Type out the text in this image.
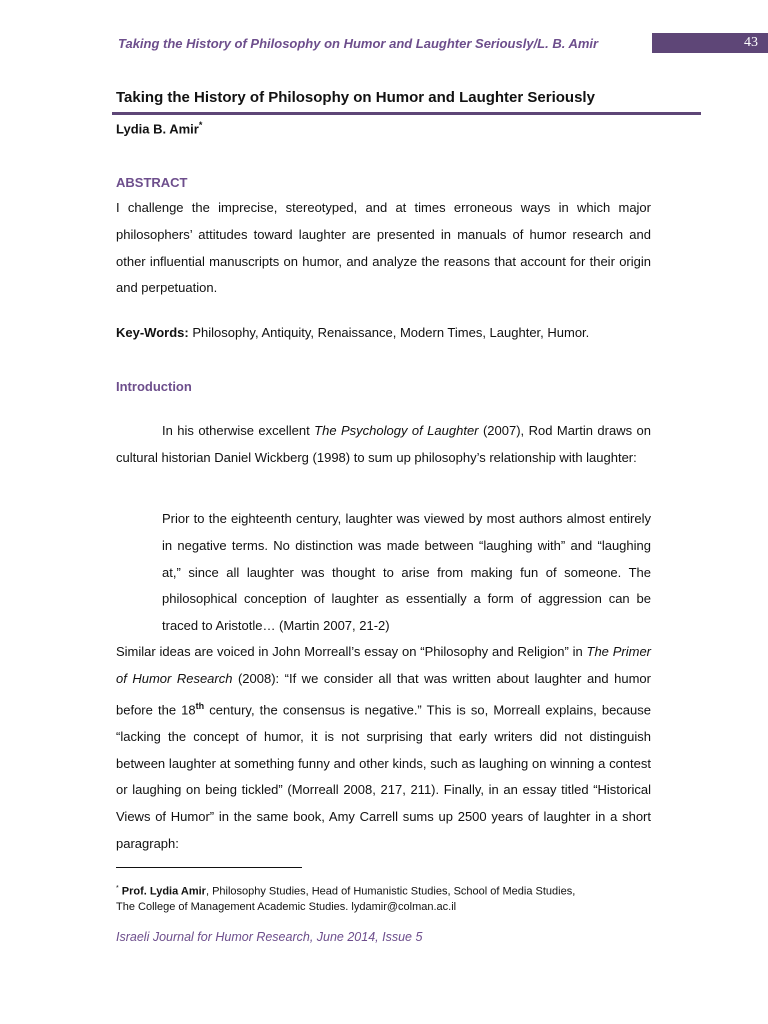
Taking the History of Philosophy on Humor and Laughter Seriously/L. B. Amir	43
Taking the History of Philosophy on Humor and Laughter Seriously
Lydia B. Amir*
ABSTRACT
I challenge the imprecise, stereotyped, and at times erroneous ways in which major philosophers’ attitudes toward laughter are presented in manuals of humor research and other influential manuscripts on humor, and analyze the reasons that account for their origin and perpetuation.
Key-Words: Philosophy, Antiquity, Renaissance, Modern Times, Laughter, Humor.
Introduction
In his otherwise excellent The Psychology of Laughter (2007), Rod Martin draws on cultural historian Daniel Wickberg (1998) to sum up philosophy’s relationship with laughter:
Prior to the eighteenth century, laughter was viewed by most authors almost entirely in negative terms. No distinction was made between “laughing with” and “laughing at,” since all laughter was thought to arise from making fun of someone. The philosophical conception of laughter as essentially a form of aggression can be traced to Aristotle… (Martin 2007, 21-2)
Similar ideas are voiced in John Morreall’s essay on “Philosophy and Religion” in The Primer of Humor Research (2008): “If we consider all that was written about laughter and humor before the 18th century, the consensus is negative.” This is so, Morreall explains, because “lacking the concept of humor, it is not surprising that early writers did not distinguish between laughter at something funny and other kinds, such as laughing on winning a contest or laughing on being tickled” (Morreall 2008, 217, 211). Finally, in an essay titled “Historical Views of Humor” in the same book, Amy Carrell sums up 2500 years of laughter in a short paragraph:
* Prof. Lydia Amir, Philosophy Studies, Head of Humanistic Studies, School of Media Studies, The College of Management Academic Studies. lydamir@colman.ac.il
Israeli Journal for Humor Research, June 2014, Issue 5
